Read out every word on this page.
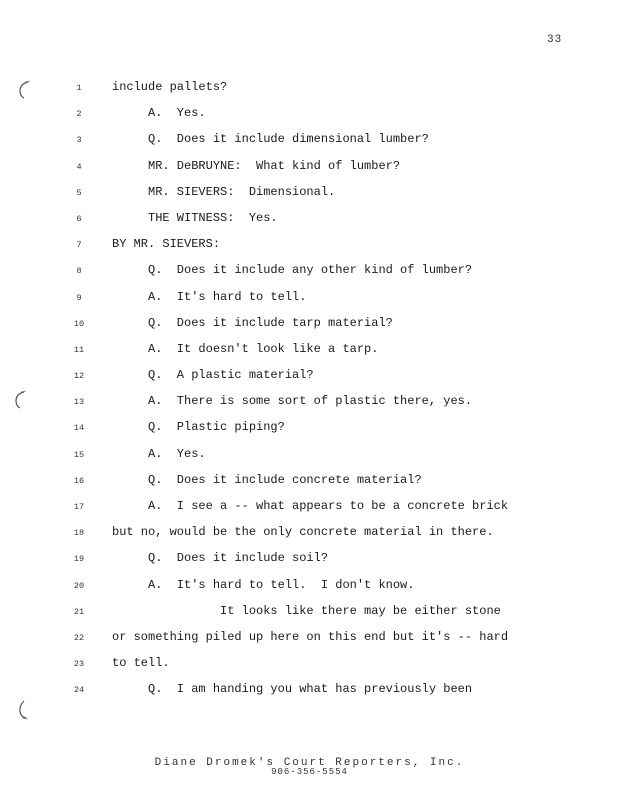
33
1	include pallets?
2	A.  Yes.
3	Q.  Does it include dimensional lumber?
4	MR. DeBRUYNE:  What kind of lumber?
5	MR. SIEVERS:  Dimensional.
6	THE WITNESS:  Yes.
7	BY MR. SIEVERS:
8	Q.  Does it include any other kind of lumber?
9	A.  It's hard to tell.
10	Q.  Does it include tarp material?
11	A.  It doesn't look like a tarp.
12	Q.  A plastic material?
13	A.  There is some sort of plastic there, yes.
14	Q.  Plastic piping?
15	A.  Yes.
16	Q.  Does it include concrete material?
17	A.  I see a -- what appears to be a concrete brick
18	but no, would be the only concrete material in there.
19	Q.  Does it include soil?
20	A.  It's hard to tell.  I don't know.
21	It looks like there may be either stone
22	or something piled up here on this end but it's -- hard
23	to tell.
24	Q.  I am handing you what has previously been
Diane Dromek's Court Reporters, Inc.
906-356-5554
